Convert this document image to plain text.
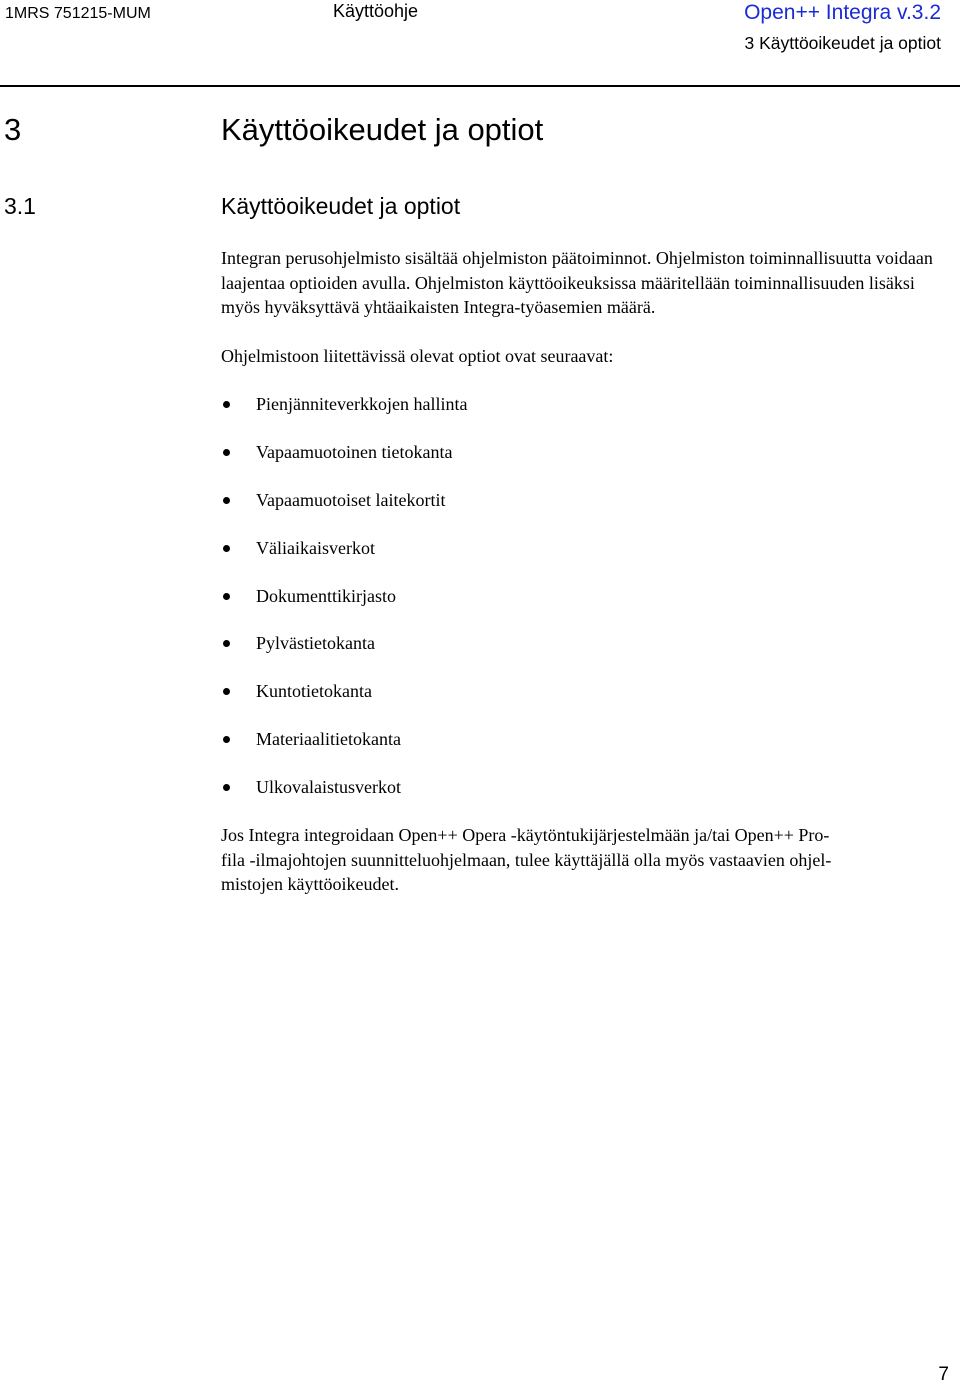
1MRS 751215-MUM	Käyttöohje	Open++ Integra v.3.2
3 Käyttöoikeudet ja optiot
3	Käyttöoikeudet ja optiot
3.1	Käyttöoikeudet ja optiot

Integran perusohjelmisto sisältää ohjelmiston päätoiminnot. Ohjelmiston toiminnallisuutta voidaan laajentaa optioiden avulla. Ohjelmiston käyttöoikeuksissa määritellään toiminnallisuuden lisäksi myös hyväksyttävä yhtäaikaisten Integra-työasemien määrä.

Ohjelmistoon liitettävissä olevat optiot ovat seuraavat:

Pienjänniteverkkojen hallinta
Vapaamuotoinen tietokanta
Vapaamuotoiset laitekortit
Väliaikaisverkot
Dokumenttikirjasto
Pylvästietokanta
Kuntotietokanta
Materiaalitietokanta
Ulkovalaistusverkot

Jos Integra integroidaan Open++ Opera -käytöntukijärjestelmään ja/tai Open++ Pro-
fila -ilmajohtojen suunnitteluohjelmaan, tulee käyttäjällä olla myös vastaavien ohjel-
mistojen käyttöoikeudet.

7
